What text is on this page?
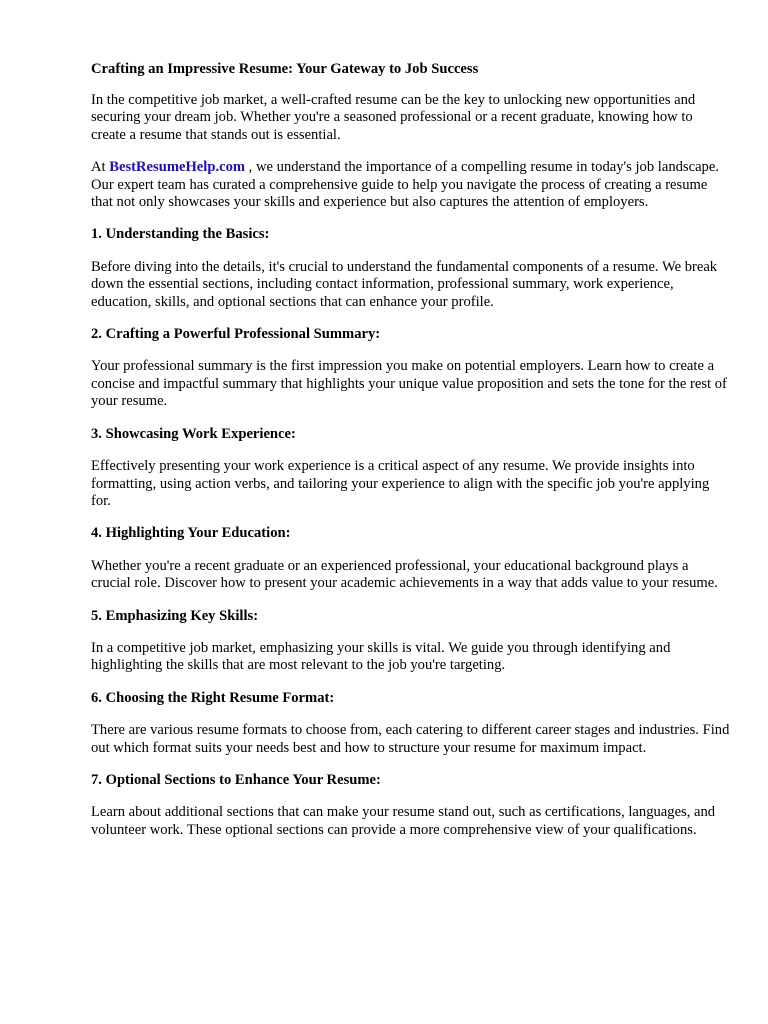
Crafting an Impressive Resume: Your Gateway to Job Success

In the competitive job market, a well-crafted resume can be the key to unlocking new opportunities and securing your dream job. Whether you're a seasoned professional or a recent graduate, knowing how to create a resume that stands out is essential.

At BestResumeHelp.com , we understand the importance of a compelling resume in today's job landscape. Our expert team has curated a comprehensive guide to help you navigate the process of creating a resume that not only showcases your skills and experience but also captures the attention of employers.

1. Understanding the Basics:

Before diving into the details, it's crucial to understand the fundamental components of a resume. We break down the essential sections, including contact information, professional summary, work experience, education, skills, and optional sections that can enhance your profile.

2. Crafting a Powerful Professional Summary:

Your professional summary is the first impression you make on potential employers. Learn how to create a concise and impactful summary that highlights your unique value proposition and sets the tone for the rest of your resume.

3. Showcasing Work Experience:

Effectively presenting your work experience is a critical aspect of any resume. We provide insights into formatting, using action verbs, and tailoring your experience to align with the specific job you're applying for.

4. Highlighting Your Education:

Whether you're a recent graduate or an experienced professional, your educational background plays a crucial role. Discover how to present your academic achievements in a way that adds value to your resume.

5. Emphasizing Key Skills:

In a competitive job market, emphasizing your skills is vital. We guide you through identifying and highlighting the skills that are most relevant to the job you're targeting.

6. Choosing the Right Resume Format:

There are various resume formats to choose from, each catering to different career stages and industries. Find out which format suits your needs best and how to structure your resume for maximum impact.

7. Optional Sections to Enhance Your Resume:

Learn about additional sections that can make your resume stand out, such as certifications, languages, and volunteer work. These optional sections can provide a more comprehensive view of your qualifications.
